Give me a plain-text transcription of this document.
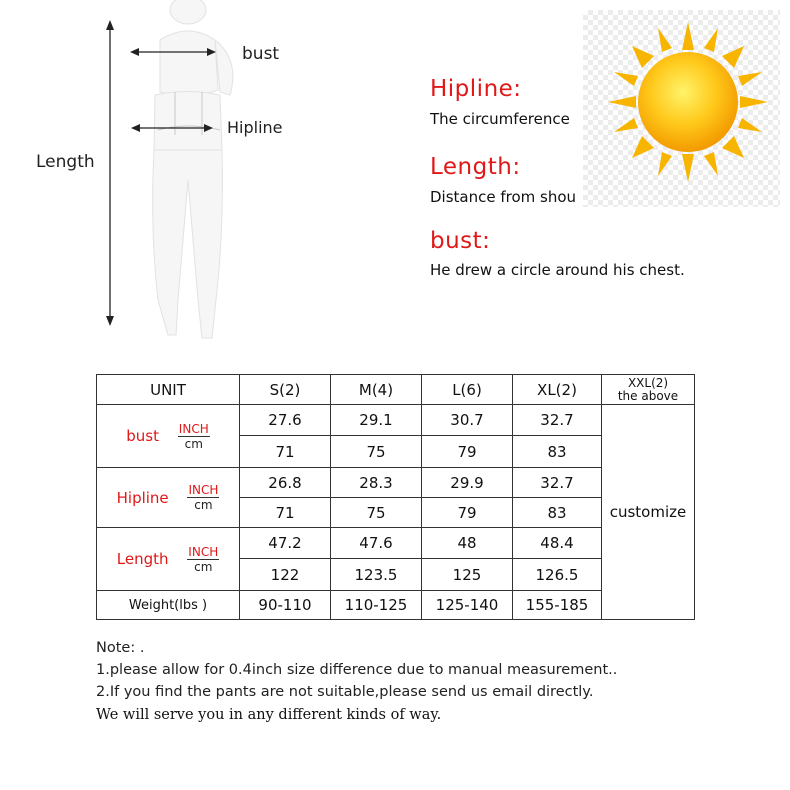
Length
bust
Hipline
Hipline:
The circumference
Length:
Distance from shou
bust:
He drew a circle around his chest.
UNIT	S(2)	M(4)	L(6)	XL(2)	XXL(2)
the above

bust INCH
cm	27.6	29.1	30.7	32.7	customize
	71	75	79	83	
Hipline INCH
cm	26.8	28.3	29.9	32.7	
	71	75	79	83	
Length INCH
cm	47.2	47.6	48	48.4	
	122	123.5	125	126.5	
Weight(lbs )	90-110	110-125	125-140	155-185	
Note: .
1.please allow for 0.4inch size difference due to manual measurement..
2.If you find the pants are not suitable,please send us email directly.
We will serve you in any different kinds of way.
